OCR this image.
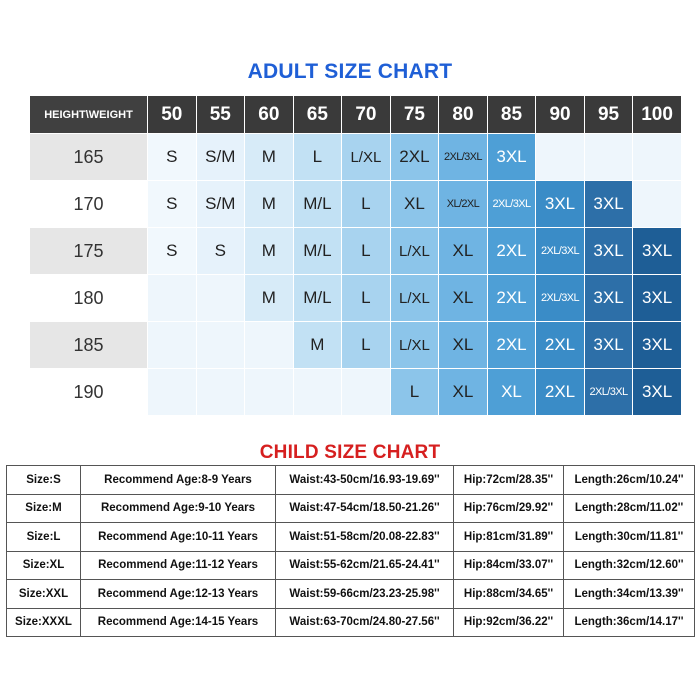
ADULT SIZE CHART
HEIGHT\WEIGHT	50	55	60	65	70	75	80	85	90	95	100
165	S	S/M	M	L	L/XL	2XL	2XL/3XL	3XL			
170	S	S/M	M	M/L	L	XL	XL/2XL	2XL/3XL	3XL	3XL	
175	S	S	M	M/L	L	L/XL	XL	2XL	2XL/3XL	3XL	3XL
180			M	M/L	L	L/XL	XL	2XL	2XL/3XL	3XL	3XL
185				M	L	L/XL	XL	2XL	2XL	3XL	3XL
190						L	XL	XL	2XL	2XL/3XL	3XL
CHILD SIZE CHART
Size:S	Recommend Age:8-9 Years	Waist:43-50cm/16.93-19.69''	Hip:72cm/28.35''	Length:26cm/10.24''
Size:M	Recommend Age:9-10 Years	Waist:47-54cm/18.50-21.26''	Hip:76cm/29.92''	Length:28cm/11.02''
Size:L	Recommend Age:10-11 Years	Waist:51-58cm/20.08-22.83''	Hip:81cm/31.89''	Length:30cm/11.81''
Size:XL	Recommend Age:11-12 Years	Waist:55-62cm/21.65-24.41''	Hip:84cm/33.07''	Length:32cm/12.60''
Size:XXL	Recommend Age:12-13 Years	Waist:59-66cm/23.23-25.98''	Hip:88cm/34.65''	Length:34cm/13.39''
Size:XXXL	Recommend Age:14-15 Years	Waist:63-70cm/24.80-27.56''	Hip:92cm/36.22''	Length:36cm/14.17''
